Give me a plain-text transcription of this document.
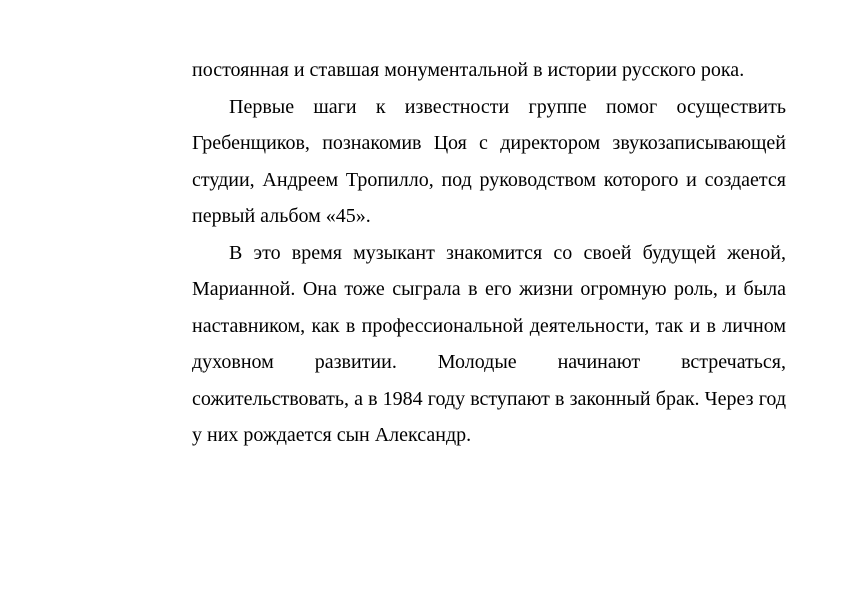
постоянная и ставшая монументальной в истории русского рока.

Первые шаги к известности группе помог осуществить Гребенщиков, познакомив Цоя с директором звукозаписывающей студии, Андреем Тропилло, под руководством которого и создается первый альбом «45».

В это время музыкант знакомится со своей будущей женой, Марианной. Она тоже сыграла в его жизни огромную роль, и была наставником, как в профессиональной деятельности, так и в личном духовном развитии. Молодые начинают встречаться, сожительствовать, а в 1984 году вступают в законный брак. Через год у них рождается сын Александр.
